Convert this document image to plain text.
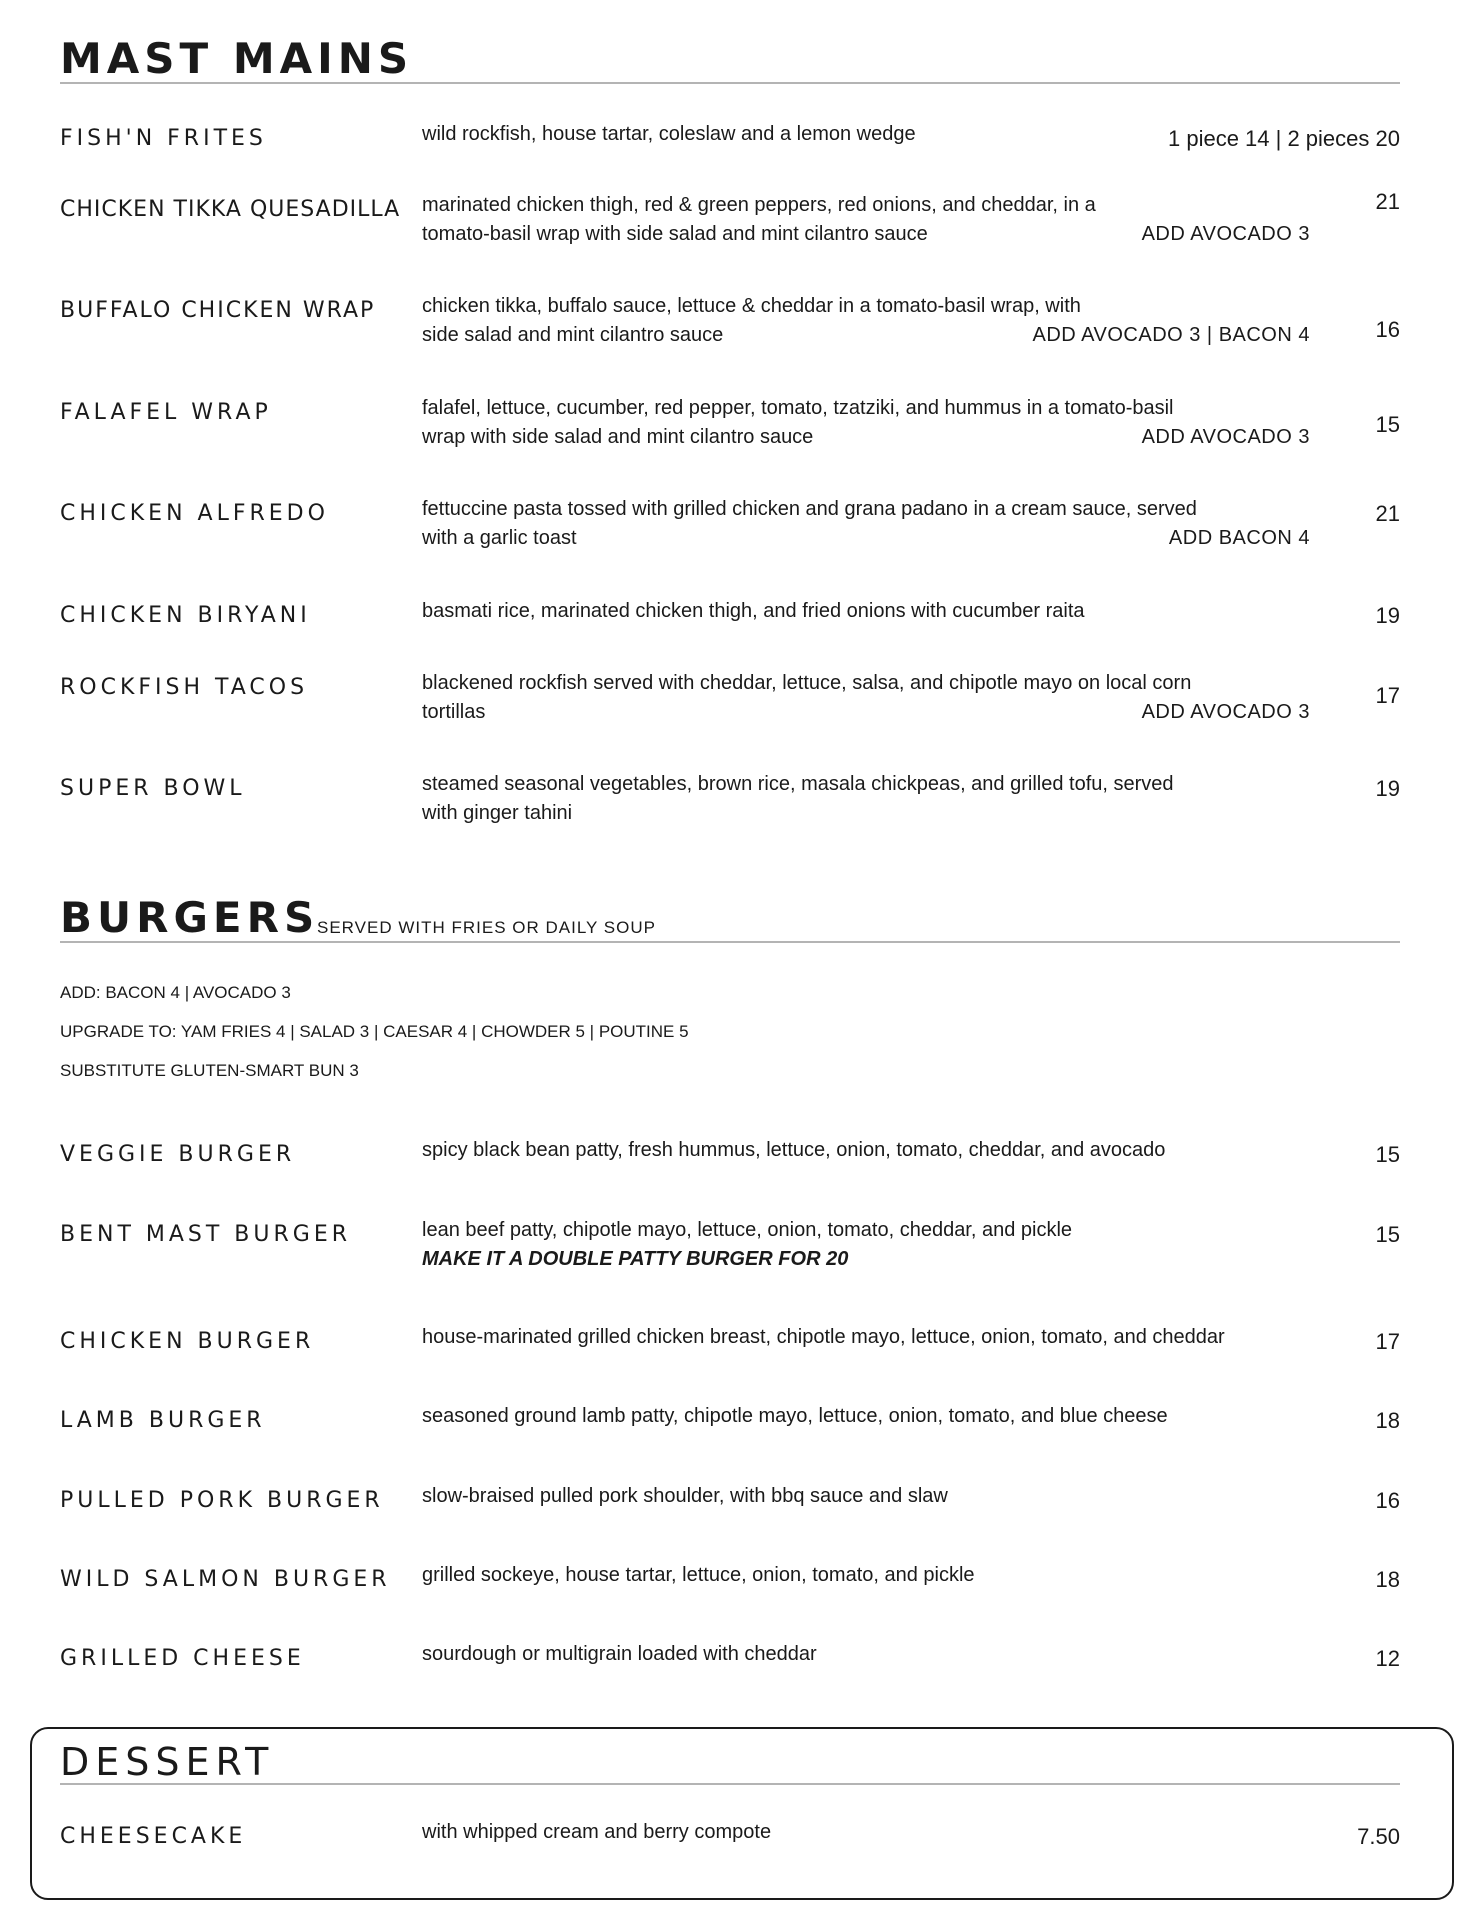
MAST MAINS
FISH'N FRITES	wild rockfish, house tartar, coleslaw and a lemon wedge	1 piece 14 | 2 pieces 20
CHICKEN TIKKA QUESADILLA marinated chicken thigh, red & green peppers, red onions, and cheddar, in a
tomato-basil wrap with side salad and mint cilantro sauce	ADD AVOCADO 3
21
BUFFALO CHICKEN WRAP chicken tikka, buffalo sauce, lettuce & cheddar in a tomato-basil wrap, with
side salad and mint cilantro sauce	ADD AVOCADO 3 | BACON 4	16
FALAFEL WRAP	falafel, lettuce, cucumber, red pepper, tomato, tzatziki, and hummus in a tomato-basil
wrap with side salad and mint cilantro sauce	ADD AVOCADO 3	15
CHICKEN ALFREDO	fettuccine pasta tossed with grilled chicken and grana padano in a cream sauce, served
with a garlic toast	ADD BACON 4
21
CHICKEN BIRYANI	basmati rice, marinated chicken thigh, and fried onions with cucumber raita	19
ROCKFISH TACOS	blackened rockfish served with cheddar, lettuce, salsa, and chipotle mayo on local corn
tortillas	ADD AVOCADO 3
17
SUPER BOWL	steamed seasonal vegetables, brown rice, masala chickpeas, and grilled tofu, served
with ginger tahini
19
BURGERS
SERVED WITH FRIES OR DAILY SOUP
ADD: BACON 4 | AVOCADO 3
UPGRADE TO: YAM FRIES 4 | SALAD 3 | CAESAR 4 | CHOWDER 5 | POUTINE 5
SUBSTITUTE GLUTEN-SMART BUN 3
VEGGIE BURGER	spicy black bean patty, fresh hummus, lettuce, onion, tomato, cheddar, and avocado	15
BENT MAST BURGER	lean beef patty, chipotle mayo, lettuce, onion, tomato, cheddar, and pickle
MAKE IT A DOUBLE PATTY BURGER FOR 20
15
CHICKEN BURGER	house-marinated grilled chicken breast, chipotle mayo, lettuce, onion, tomato, and cheddar	17
LAMB BURGER	seasoned ground lamb patty, chipotle mayo, lettuce, onion, tomato, and blue cheese	18
PULLED PORK BURGER slow-braised pulled pork shoulder, with bbq sauce and slaw	16
WILD SALMON BURGER grilled sockeye, house tartar, lettuce, onion, tomato, and pickle	18
GRILLED CHEESE	sourdough or multigrain loaded with cheddar	12
DESSERT
CHEESECAKE	with whipped cream and berry compote	7.50
